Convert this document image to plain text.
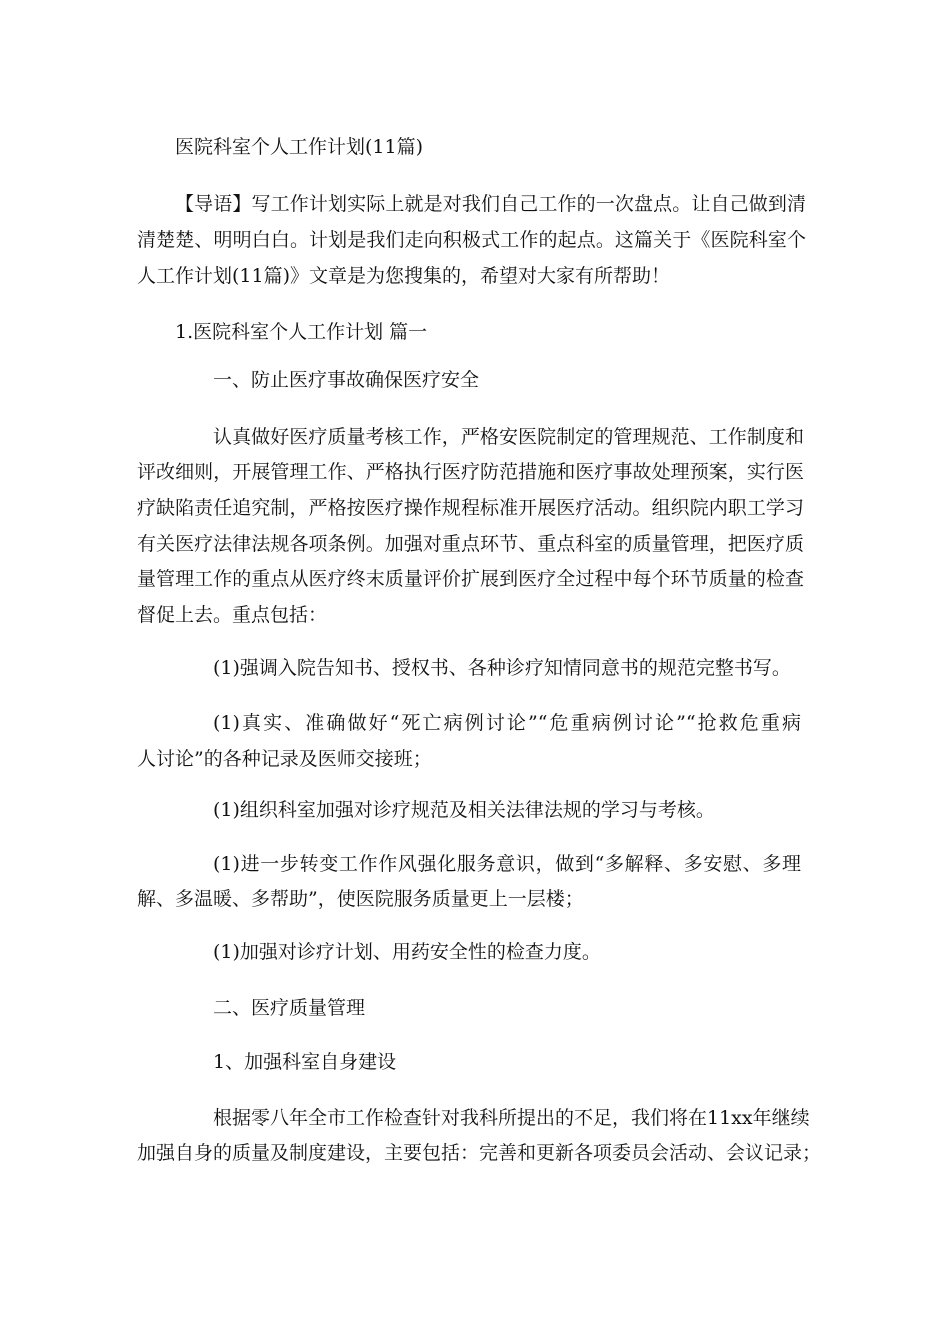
医院科室个人工作计划(11篇)
【导语】写工作计划实际上就是对我们自己工作的一次盘点。让自己做到清
清楚楚、明明白白。计划是我们走向积极式工作的起点。这篇关于《医院科室个
人工作计划(11篇)》文章是为您搜集的，希望对大家有所帮助！
1.医院科室个人工作计划 篇一
一、防止医疗事故确保医疗安全
认真做好医疗质量考核工作，严格安医院制定的管理规范、工作制度和
评改细则，开展管理工作、严格执行医疗防范措施和医疗事故处理预案，实行医
疗缺陷责任追究制，严格按医疗操作规程标准开展医疗活动。组织院内职工学习
有关医疗法律法规各项条例。加强对重点环节、重点科室的质量管理，把医疗质
量管理工作的重点从医疗终末质量评价扩展到医疗全过程中每个环节质量的检查
督促上去。重点包括：
(1)强调入院告知书、授权书、各种诊疗知情同意书的规范完整书写。
(1)真实、准确做好“死亡病例讨论”“危重病例讨论”“抢救危重病
人讨论”的各种记录及医师交接班；
(1)组织科室加强对诊疗规范及相关法律法规的学习与考核。
(1)进一步转变工作作风强化服务意识，做到“多解释、多安慰、多理
解、多温暖、多帮助”，使医院服务质量更上一层楼；
(1)加强对诊疗计划、用药安全性的检查力度。
二、医疗质量管理
1、加强科室自身建设
根据零八年全市工作检查针对我科所提出的不足，我们将在11xx年继续
加强自身的质量及制度建设，主要包括：完善和更新各项委员会活动、会议记录；
